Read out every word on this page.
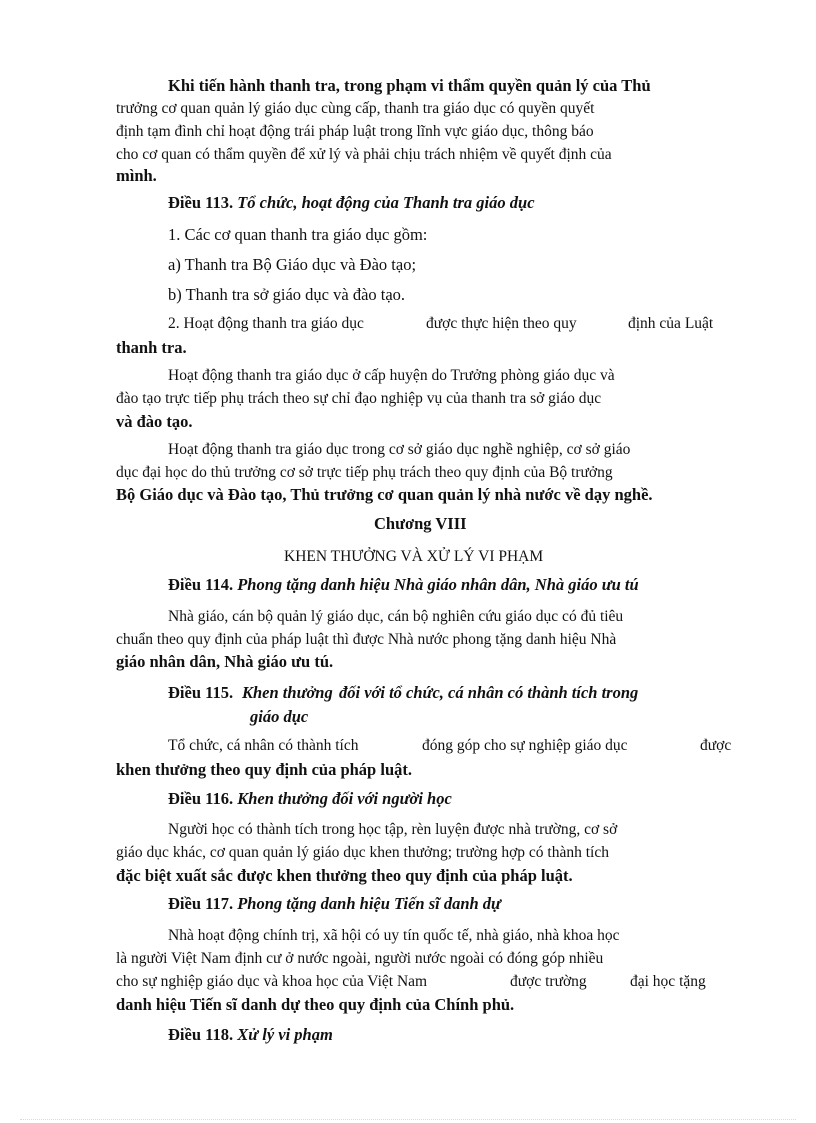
Khi tiến hành thanh tra, trong phạm vi thẩm quyền quản lý của Thủ
trưởng cơ quan quản lý giáo dục cùng cấp, thanh tra giáo dục có quyền quyết
định tạm đình chỉ hoạt động trái pháp luật trong lĩnh vực giáo dục, thông báo
cho cơ quan có thẩm quyền để xử lý và phải chịu trách nhiệm về quyết định của
mình.
Điều 113. Tổ chức, hoạt động của Thanh tra giáo dục
1. Các cơ quan thanh tra giáo dục gồm:
a) Thanh tra Bộ Giáo dục và Đào tạo;
b) Thanh tra sở giáo dục và đào tạo.
2. Hoạt động thanh tra giáo dục	được thực hiện theo quy	định của Luật
thanh tra.
Hoạt động thanh tra giáo dục ở cấp huyện do Trưởng phòng giáo dục và
đào tạo trực tiếp phụ trách theo sự chỉ đạo nghiệp vụ của thanh tra sở giáo dục
và đào tạo.
Hoạt động thanh tra giáo dục trong cơ sở giáo dục nghề nghiệp, cơ sở giáo
dục đại học do thủ trưởng cơ sở trực tiếp phụ trách theo quy định của Bộ trưởng
Bộ Giáo dục và Đào tạo, Thủ trưởng cơ quan quản lý nhà nước về dạy nghề.
Chương VIII
KHEN THƯỞNG VÀ XỬ LÝ VI PHẠM
Điều 114. Phong tặng danh hiệu Nhà giáo nhân dân, Nhà giáo ưu tú
Nhà giáo, cán bộ quản lý giáo dục, cán bộ nghiên cứu giáo dục có đủ tiêu
chuẩn theo quy định của pháp luật thì được Nhà nước phong tặng danh hiệu Nhà
giáo nhân dân, Nhà giáo ưu tú.
Điều 115. Khen thưởng đối với tổ chức, cá nhân có thành tích trong
giáo dục
Tổ chức, cá nhân có thành tích	đóng góp cho sự nghiệp giáo dục	được
khen thưởng theo quy định của pháp luật.
Điều 116. Khen thưởng đối với người học
Người học có thành tích trong học tập, rèn luyện được nhà trường, cơ sở
giáo dục khác, cơ quan quản lý giáo dục khen thưởng; trường hợp có thành tích
đặc biệt xuất sắc được khen thưởng theo quy định của pháp luật.
Điều 117. Phong tặng danh hiệu Tiến sĩ danh dự
Nhà hoạt động chính trị, xã hội có uy tín quốc tế, nhà giáo, nhà khoa học
là người Việt Nam định cư ở nước ngoài, người nước ngoài có đóng góp nhiều
cho sự nghiệp giáo dục và khoa học của Việt Nam	được trường	đại học tặng
danh hiệu Tiến sĩ danh dự theo quy định của Chính phủ.
Điều 118. Xử lý vi phạm
